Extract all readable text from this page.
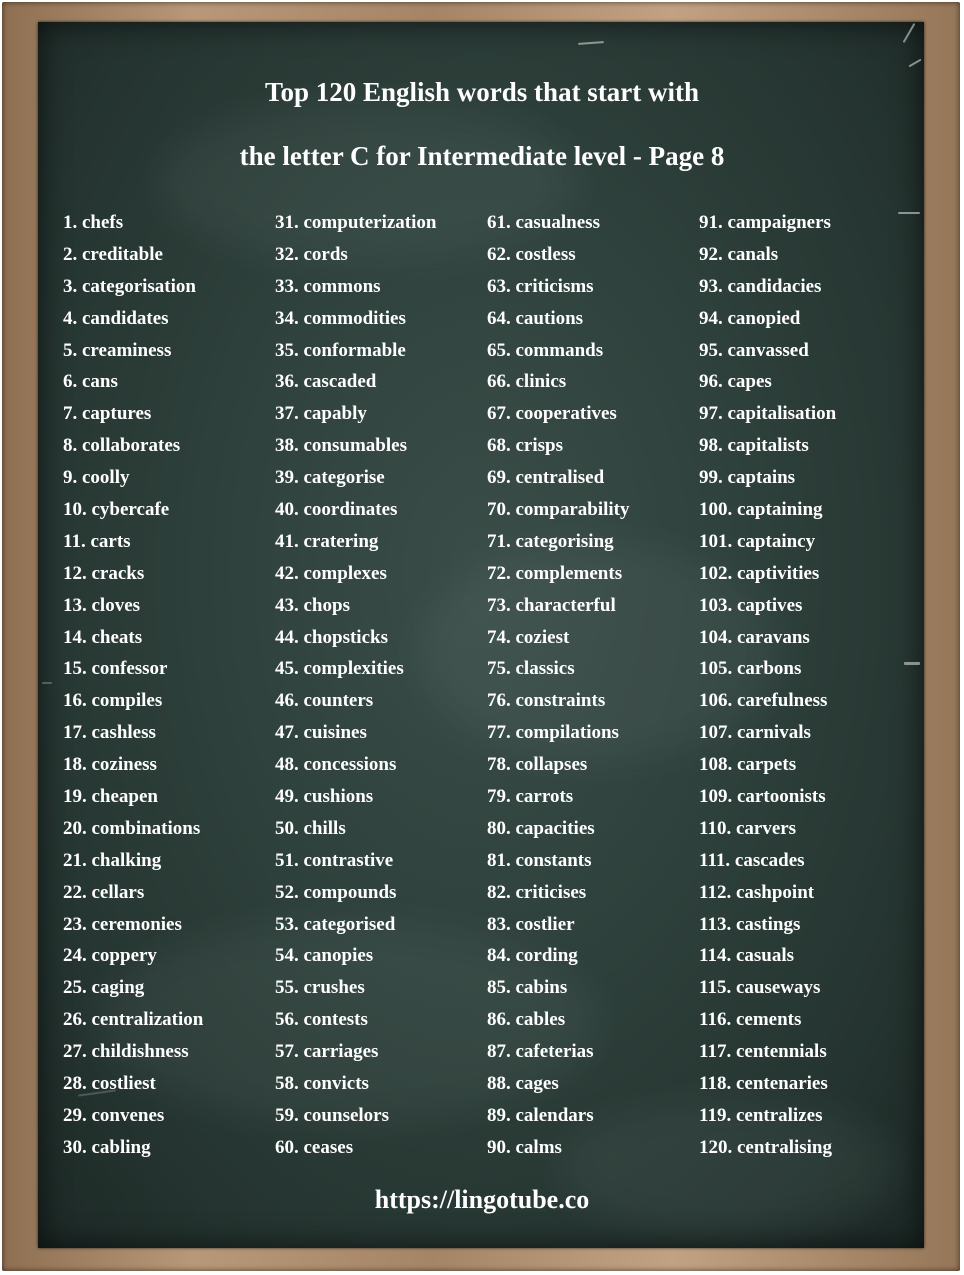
Top 120 English words that start with
the letter C for Intermediate level - Page 8
1. chefs
2. creditable
3. categorisation
4. candidates
5. creaminess
6. cans
7. captures
8. collaborates
9. coolly
10. cybercafe
11. carts
12. cracks
13. cloves
14. cheats
15. confessor
16. compiles
17. cashless
18. coziness
19. cheapen
20. combinations
21. chalking
22. cellars
23. ceremonies
24. coppery
25. caging
26. centralization
27. childishness
28. costliest
29. convenes
30. cabling
31. computerization
32. cords
33. commons
34. commodities
35. conformable
36. cascaded
37. capably
38. consumables
39. categorise
40. coordinates
41. cratering
42. complexes
43. chops
44. chopsticks
45. complexities
46. counters
47. cuisines
48. concessions
49. cushions
50. chills
51. contrastive
52. compounds
53. categorised
54. canopies
55. crushes
56. contests
57. carriages
58. convicts
59. counselors
60. ceases
61. casualness
62. costless
63. criticisms
64. cautions
65. commands
66. clinics
67. cooperatives
68. crisps
69. centralised
70. comparability
71. categorising
72. complements
73. characterful
74. coziest
75. classics
76. constraints
77. compilations
78. collapses
79. carrots
80. capacities
81. constants
82. criticises
83. costlier
84. cording
85. cabins
86. cables
87. cafeterias
88. cages
89. calendars
90. calms
91. campaigners
92. canals
93. candidacies
94. canopied
95. canvassed
96. capes
97. capitalisation
98. capitalists
99. captains
100. captaining
101. captaincy
102. captivities
103. captives
104. caravans
105. carbons
106. carefulness
107. carnivals
108. carpets
109. cartoonists
110. carvers
111. cascades
112. cashpoint
113. castings
114. casuals
115. causeways
116. cements
117. centennials
118. centenaries
119. centralizes
120. centralising
https://lingotube.co
